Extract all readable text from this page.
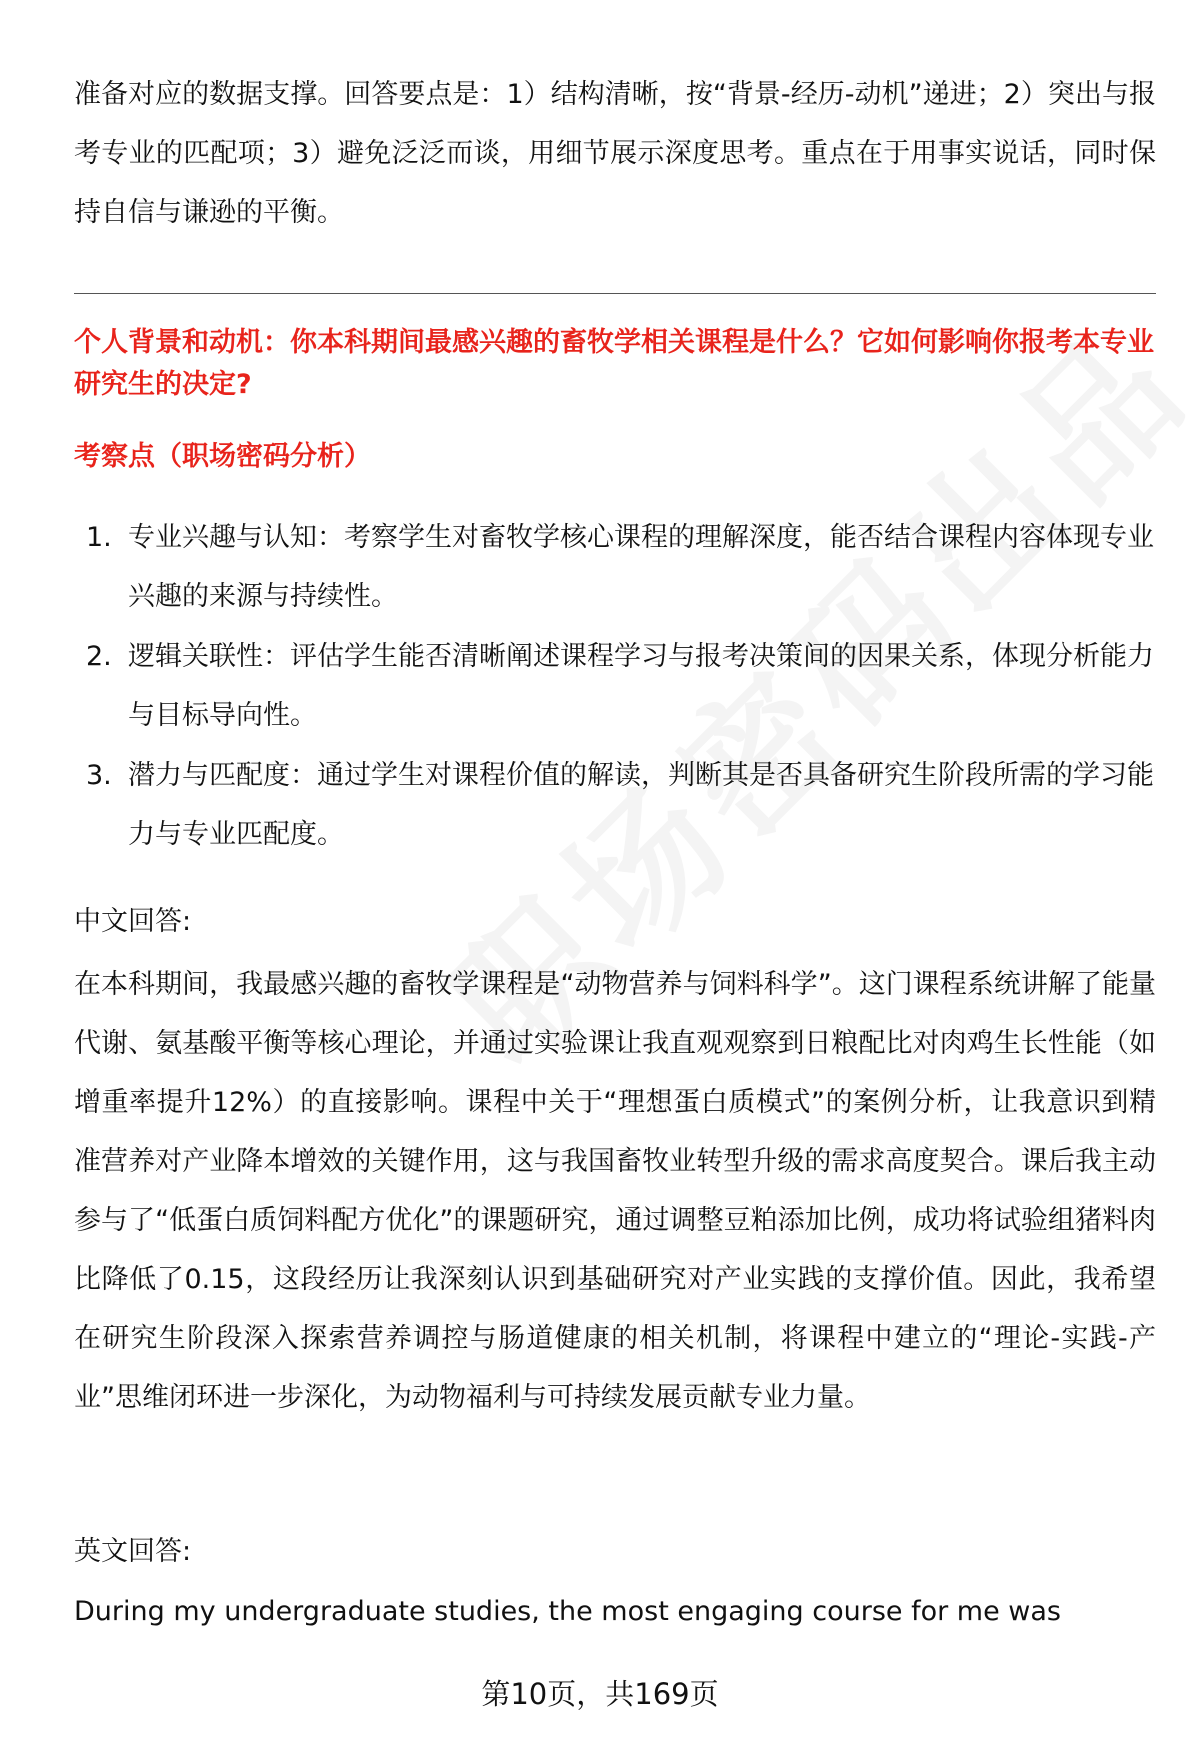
准备对应的数据支撑。回答要点是：1）结构清晰，按“背景-经历-动机”递进；2）突出与报考专业的匹配项；3）避免泛泛而谈，用细节展示深度思考。重点在于用事实说话，同时保持自信与谦逊的平衡。

个人背景和动机：你本科期间最感兴趣的畜牧学相关课程是什么？它如何影响你报考本专业研究生的决定?

考察点（职场密码分析）

1. 专业兴趣与认知：考察学生对畜牧学核心课程的理解深度，能否结合课程内容体现专业兴趣的来源与持续性。
2. 逻辑关联性：评估学生能否清晰阐述课程学习与报考决策间的因果关系，体现分析能力与目标导向性。
3. 潜力与匹配度：通过学生对课程价值的解读，判断其是否具备研究生阶段所需的学习能力与专业匹配度。

中文回答:

在本科期间，我最感兴趣的畜牧学课程是“动物营养与饲料科学”。这门课程系统讲解了能量代谢、氨基酸平衡等核心理论，并通过实验课让我直观观察到日粮配比对肉鸡生长性能（如增重率提升12%）的直接影响。课程中关于“理想蛋白质模式”的案例分析，让我意识到精准营养对产业降本增效的关键作用，这与我国畜牧业转型升级的需求高度契合。课后我主动参与了“低蛋白质饲料配方优化”的课题研究，通过调整豆粕添加比例，成功将试验组猪料肉比降低了0.15，这段经历让我深刻认识到基础研究对产业实践的支撑价值。因此，我希望在研究生阶段深入探索营养调控与肠道健康的相关机制，将课程中建立的“理论-实践-产业”思维闭环进一步深化，为动物福利与可持续发展贡献专业力量。

英文回答:

During my undergraduate studies, the most engaging course for me was

第10页，共169页
